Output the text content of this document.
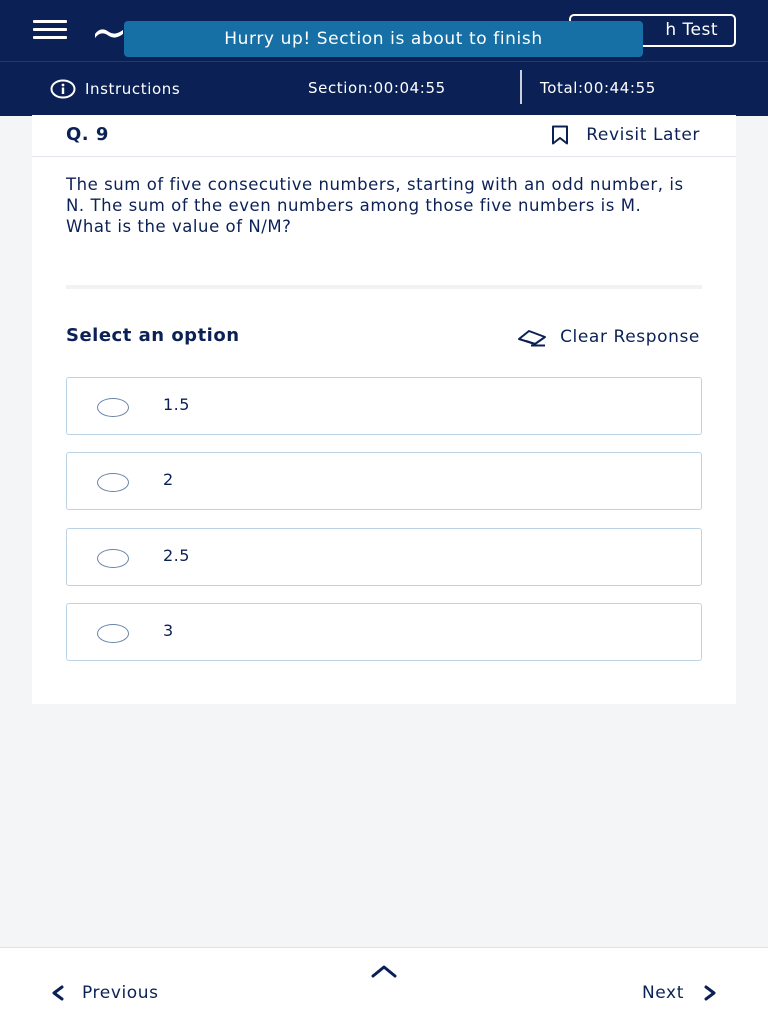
h Test
Hurry up! Section is about to finish
Instructions	Section:00:04:55	Total:00:44:55
Q. 9	Revisit Later
The sum of five consecutive numbers, starting with an odd number, is N. The sum of the even numbers among those five numbers is M. What is the value of N/M?
Select an option	Clear Response
1.5
2
2.5
3
Previous	Next
